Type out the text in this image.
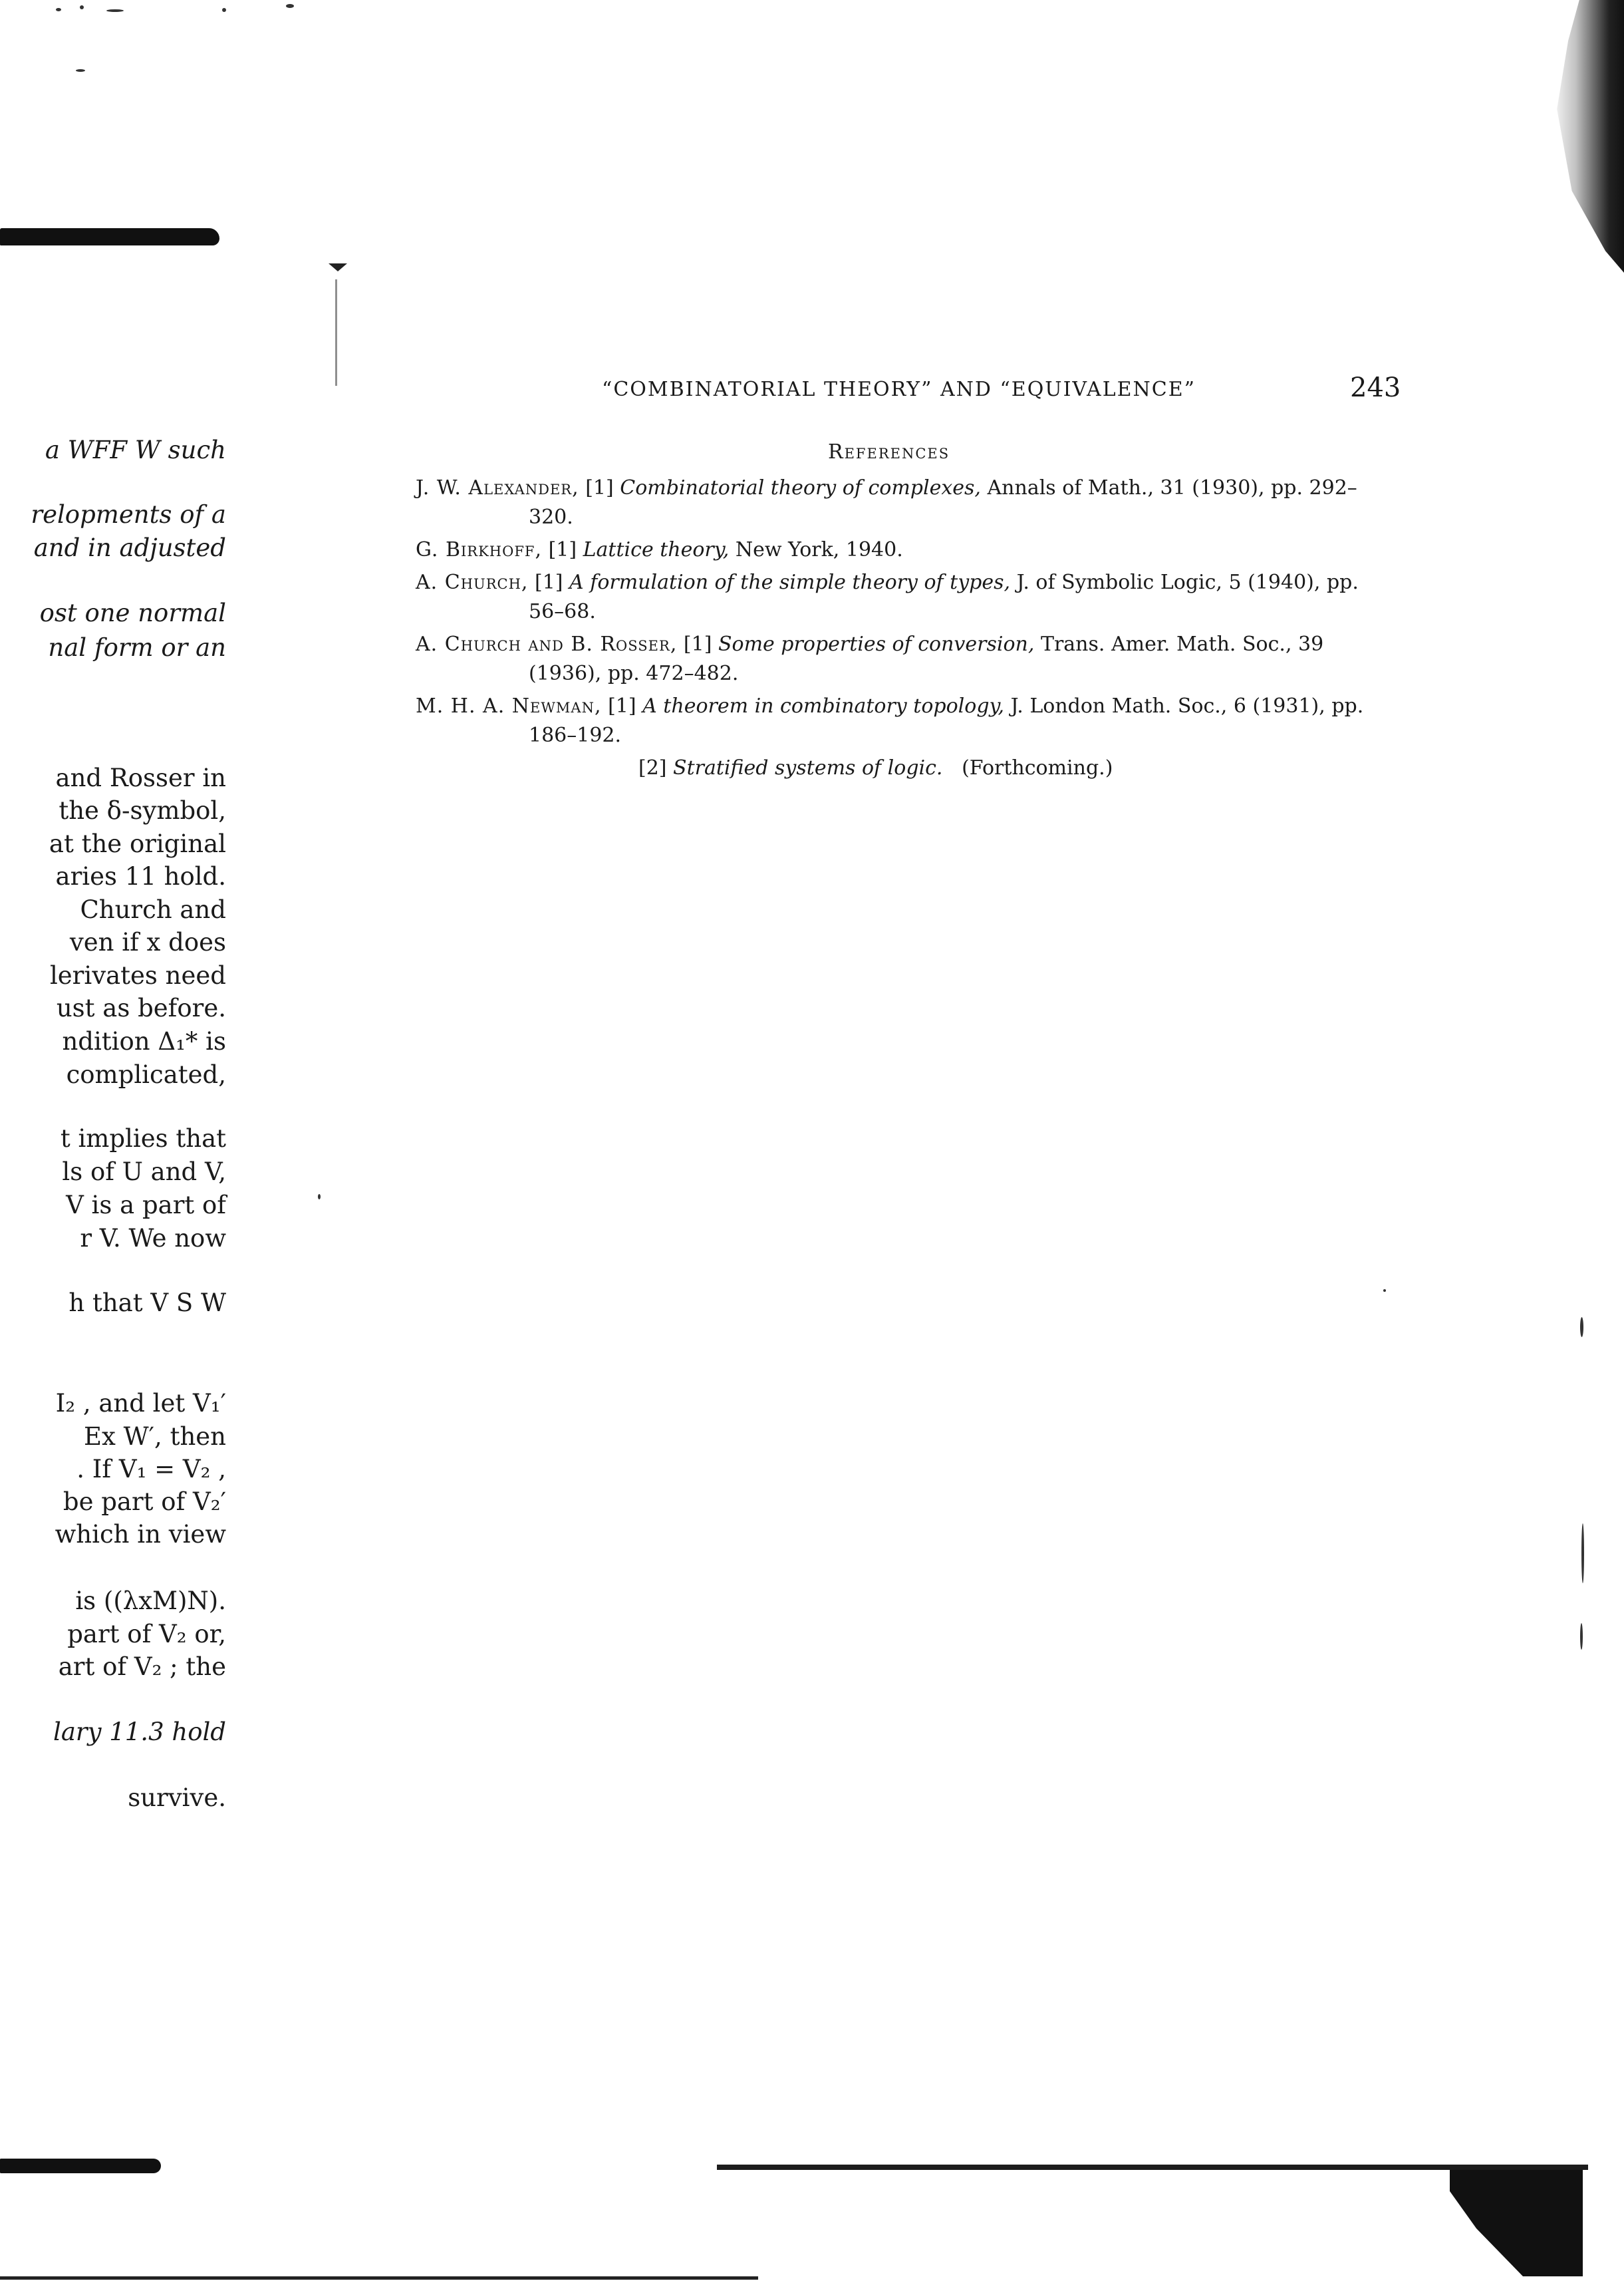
“COMBINATORIAL THEORY” AND “EQUIVALENCE”	243
References

J. W. Alexander, [1] Combinatorial theory of complexes, Annals of Math., 31 (1930), pp. 292–320.

G. Birkhoff, [1] Lattice theory, New York, 1940.

A. Church, [1] A formulation of the simple theory of types, J. of Symbolic Logic, 5 (1940), pp. 56–68.

A. Church and B. Rosser, [1] Some properties of conversion, Trans. Amer. Math. Soc., 39 (1936), pp. 472–482.

M. H. A. Newman, [1] A theorem in combinatory topology, J. London Math. Soc., 6 (1931), pp. 186–192.

[2] Stratified systems of logic. (Forthcoming.)

a WFF W such
relopments of a
and in adjusted
ost one normal
nal form or an
and Rosser in
the δ-symbol,
at the original
aries 11 hold.
Church and
ven if x does
lerivates need
ust as before.
ndition Δ₁* is
complicated,
t implies that
ls of U and V,
V is a part of
r V. We now
h that V S W
I₂ , and let V₁′
Ex W′, then
. If V₁ = V₂ ,
be part of V₂′
which in view
is ((λxM)N).
part of V₂ or,
art of V₂ ; the
lary 11.3 hold
survive.
